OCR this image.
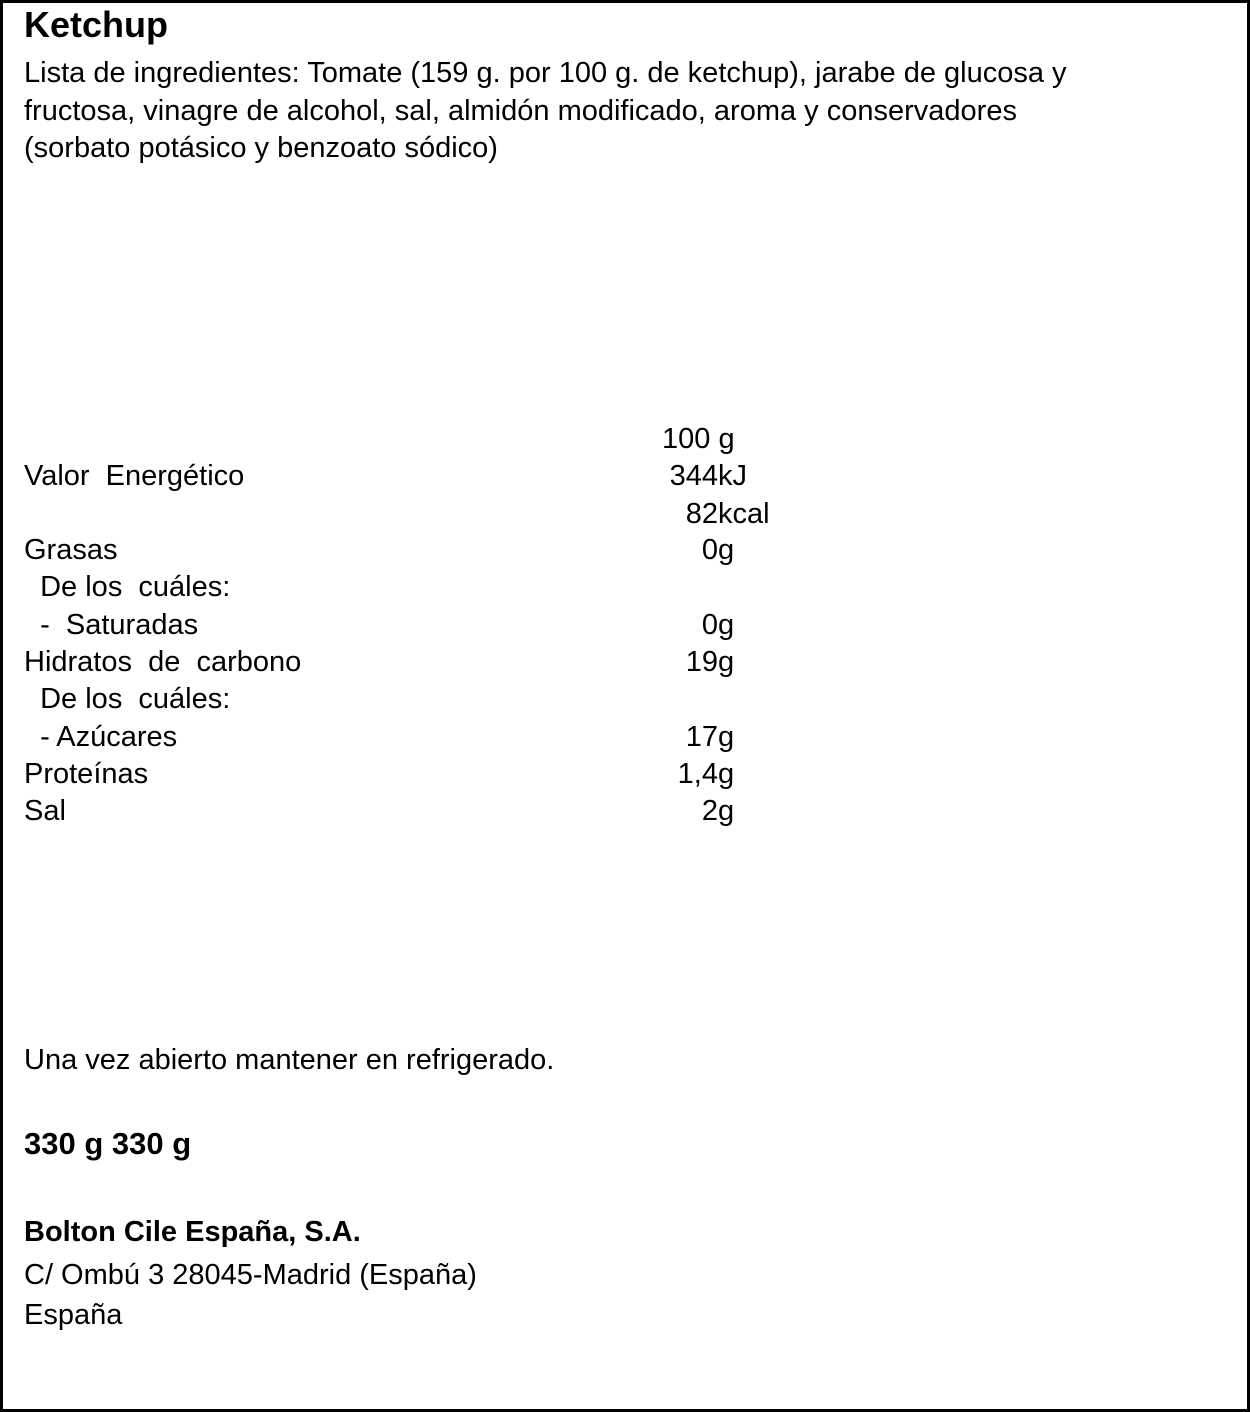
Ketchup
Lista de ingredientes: Tomate (159 g. por 100 g. de ketchup), jarabe de glucosa y
fructosa, vinagre de alcohol, sal, almidón modificado, aroma y conservadores
(sorbato potásico y benzoato sódico)
100 g
Valor  Energético	344 kJ
82 kcal
Grasas	0 g
De los  cuáles:
-  Saturadas	0 g
Hidratos  de  carbono	19 g
De los  cuáles:
- Azúcares	17 g
Proteínas	1,4 g
Sal	2 g
Una vez abierto mantener en refrigerado.
330 g 330 g
Bolton Cile España, S.A.
C/ Ombú 3 28045-Madrid (España)
España
